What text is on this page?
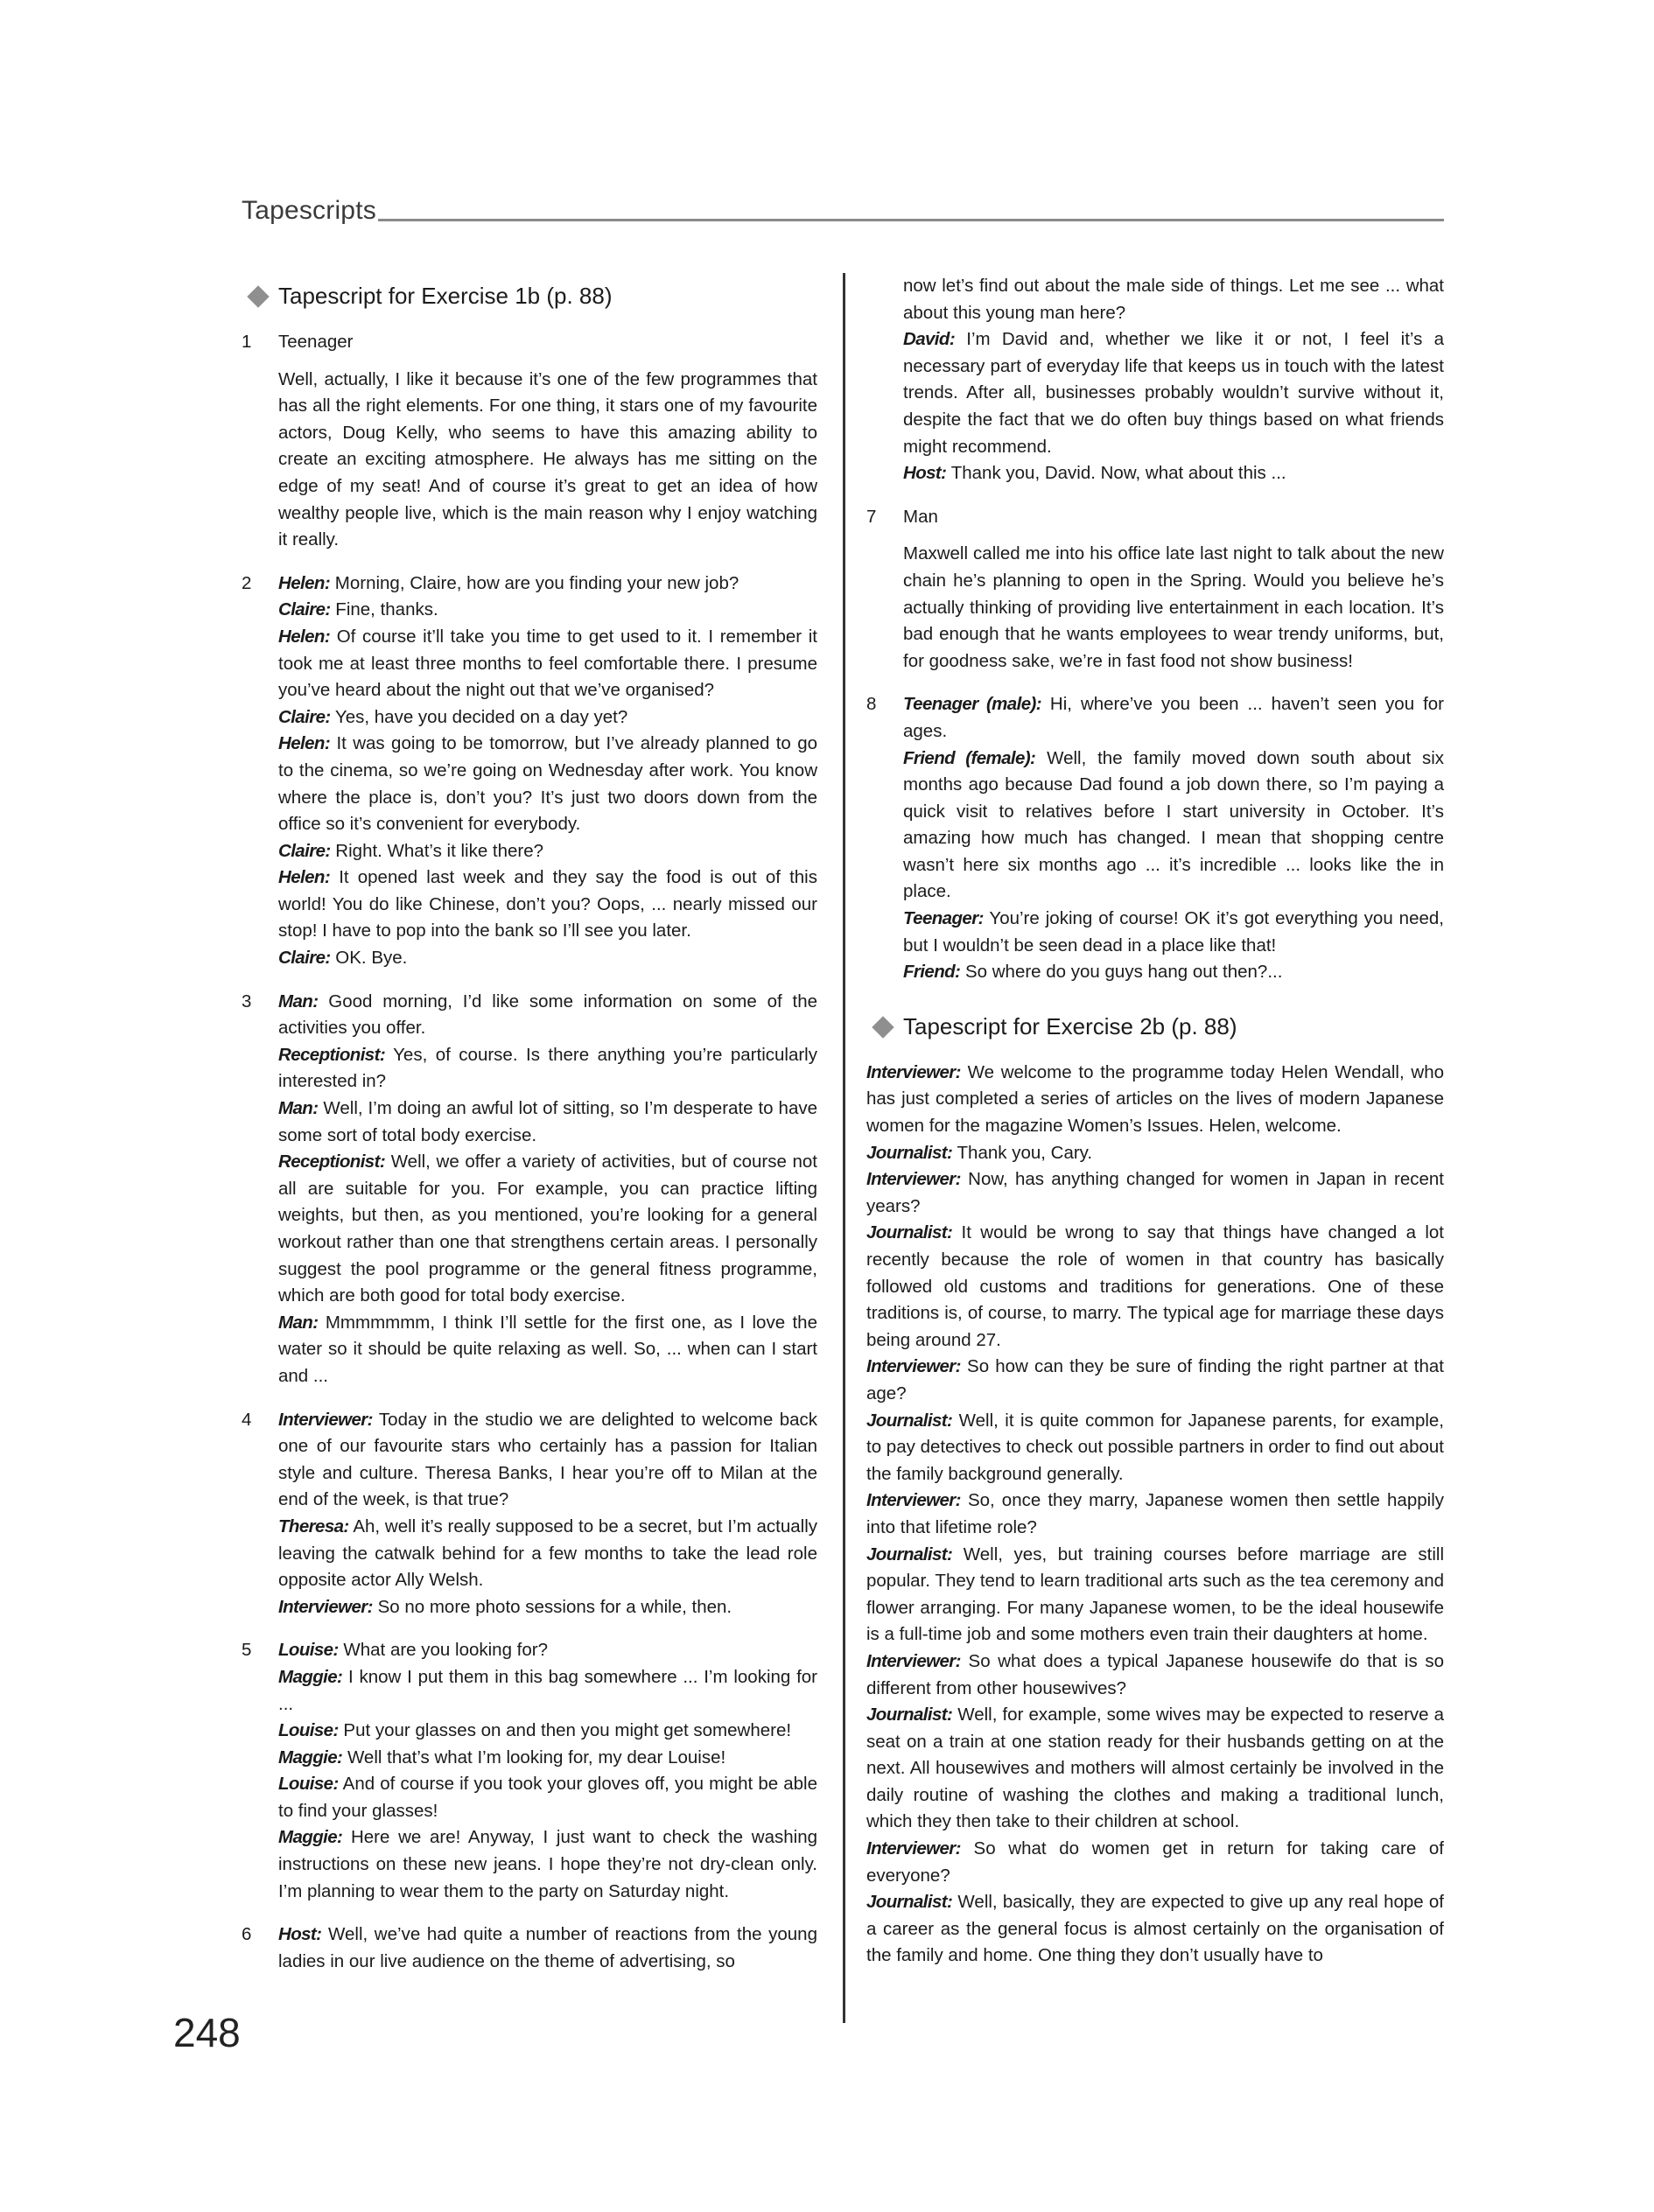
Tapescripts
Tapescript for Exercise 1b (p. 88)
1 Teenager

Well, actually, I like it because it’s one of the few programmes that has all the right elements. For one thing, it stars one of my favourite actors, Doug Kelly, who seems to have this amazing ability to create an exciting atmosphere. He always has me sitting on the edge of my seat! And of course it’s great to get an idea of how wealthy people live, which is the main reason why I enjoy watching it really.

2 Helen: Morning, Claire, how are you finding your new job?

Claire: Fine, thanks.

Helen: Of course it’ll take you time to get used to it. I remember it took me at least three months to feel comfortable there. I presume you’ve heard about the night out that we’ve organised?

Claire: Yes, have you decided on a day yet?

Helen: It was going to be tomorrow, but I’ve already planned to go to the cinema, so we’re going on Wednesday after work. You know where the place is, don’t you? It’s just two doors down from the office so it’s convenient for everybody.

Claire: Right. What’s it like there?

Helen: It opened last week and they say the food is out of this world! You do like Chinese, don’t you? Oops, ... nearly missed our stop! I have to pop into the bank so I’ll see you later.

Claire: OK. Bye.

3 Man: Good morning, I’d like some information on some of the activities you offer.

Receptionist: Yes, of course. Is there anything you’re particularly interested in?

Man: Well, I’m doing an awful lot of sitting, so I’m desperate to have some sort of total body exercise.

Receptionist: Well, we offer a variety of activities, but of course not all are suitable for you. For example, you can practice lifting weights, but then, as you mentioned, you’re looking for a general workout rather than one that strengthens certain areas. I personally suggest the pool programme or the general fitness programme, which are both good for total body exercise.

Man: Mmmmmmm, I think I’ll settle for the first one, as I love the water so it should be quite relaxing as well. So, ... when can I start and ...

4 Interviewer: Today in the studio we are delighted to welcome back one of our favourite stars who certainly has a passion for Italian style and culture. Theresa Banks, I hear you’re off to Milan at the end of the week, is that true?

Theresa: Ah, well it’s really supposed to be a secret, but I’m actually leaving the catwalk behind for a few months to take the lead role opposite actor Ally Welsh.

Interviewer: So no more photo sessions for a while, then.

5 Louise: What are you looking for?

Maggie: I know I put them in this bag somewhere ... I’m looking for ...

Louise: Put your glasses on and then you might get somewhere!

Maggie: Well that’s what I’m looking for, my dear Louise!

Louise: And of course if you took your gloves off, you might be able to find your glasses!

Maggie: Here we are! Anyway, I just want to check the washing instructions on these new jeans. I hope they’re not dry-clean only. I’m planning to wear them to the party on Saturday night.

6 Host: Well, we’ve had quite a number of reactions from the young ladies in our live audience on the theme of advertising, so

now let’s find out about the male side of things. Let me see ... what about this young man here?

David: I’m David and, whether we like it or not, I feel it’s a necessary part of everyday life that keeps us in touch with the latest trends. After all, businesses probably wouldn’t survive without it, despite the fact that we do often buy things based on what friends might recommend.

Host: Thank you, David. Now, what about this ...

7 Man

Maxwell called me into his office late last night to talk about the new chain he’s planning to open in the Spring. Would you believe he’s actually thinking of providing live entertainment in each location. It’s bad enough that he wants employees to wear trendy uniforms, but, for goodness sake, we’re in fast food not show business!

8 Teenager (male): Hi, where’ve you been ... haven’t seen you for ages.

Friend (female): Well, the family moved down south about six months ago because Dad found a job down there, so I’m paying a quick visit to relatives before I start university in October. It’s amazing how much has changed. I mean that shopping centre wasn’t here six months ago ... it’s incredible ... looks like the in place.

Teenager: You’re joking of course! OK it’s got everything you need, but I wouldn’t be seen dead in a place like that!

Friend: So where do you guys hang out then?...

Tapescript for Exercise 2b (p. 88)

Interviewer: We welcome to the programme today Helen Wendall, who has just completed a series of articles on the lives of modern Japanese women for the magazine Women’s Issues. Helen, welcome.

Journalist: Thank you, Cary.

Interviewer: Now, has anything changed for women in Japan in recent years?

Journalist: It would be wrong to say that things have changed a lot recently because the role of women in that country has basically followed old customs and traditions for generations. One of these traditions is, of course, to marry. The typical age for marriage these days being around 27.

Interviewer: So how can they be sure of finding the right partner at that age?

Journalist: Well, it is quite common for Japanese parents, for example, to pay detectives to check out possible partners in order to find out about the family background generally.

Interviewer: So, once they marry, Japanese women then settle happily into that lifetime role?

Journalist: Well, yes, but training courses before marriage are still popular. They tend to learn traditional arts such as the tea ceremony and flower arranging. For many Japanese women, to be the ideal housewife is a full-time job and some mothers even train their daughters at home.

Interviewer: So what does a typical Japanese housewife do that is so different from other housewives?

Journalist: Well, for example, some wives may be expected to reserve a seat on a train at one station ready for their husbands getting on at the next. All housewives and mothers will almost certainly be involved in the daily routine of washing the clothes and making a traditional lunch, which they then take to their children at school.

Interviewer: So what do women get in return for taking care of everyone?

Journalist: Well, basically, they are expected to give up any real hope of a career as the general focus is almost certainly on the organisation of the family and home. One thing they don’t usually have to

248
